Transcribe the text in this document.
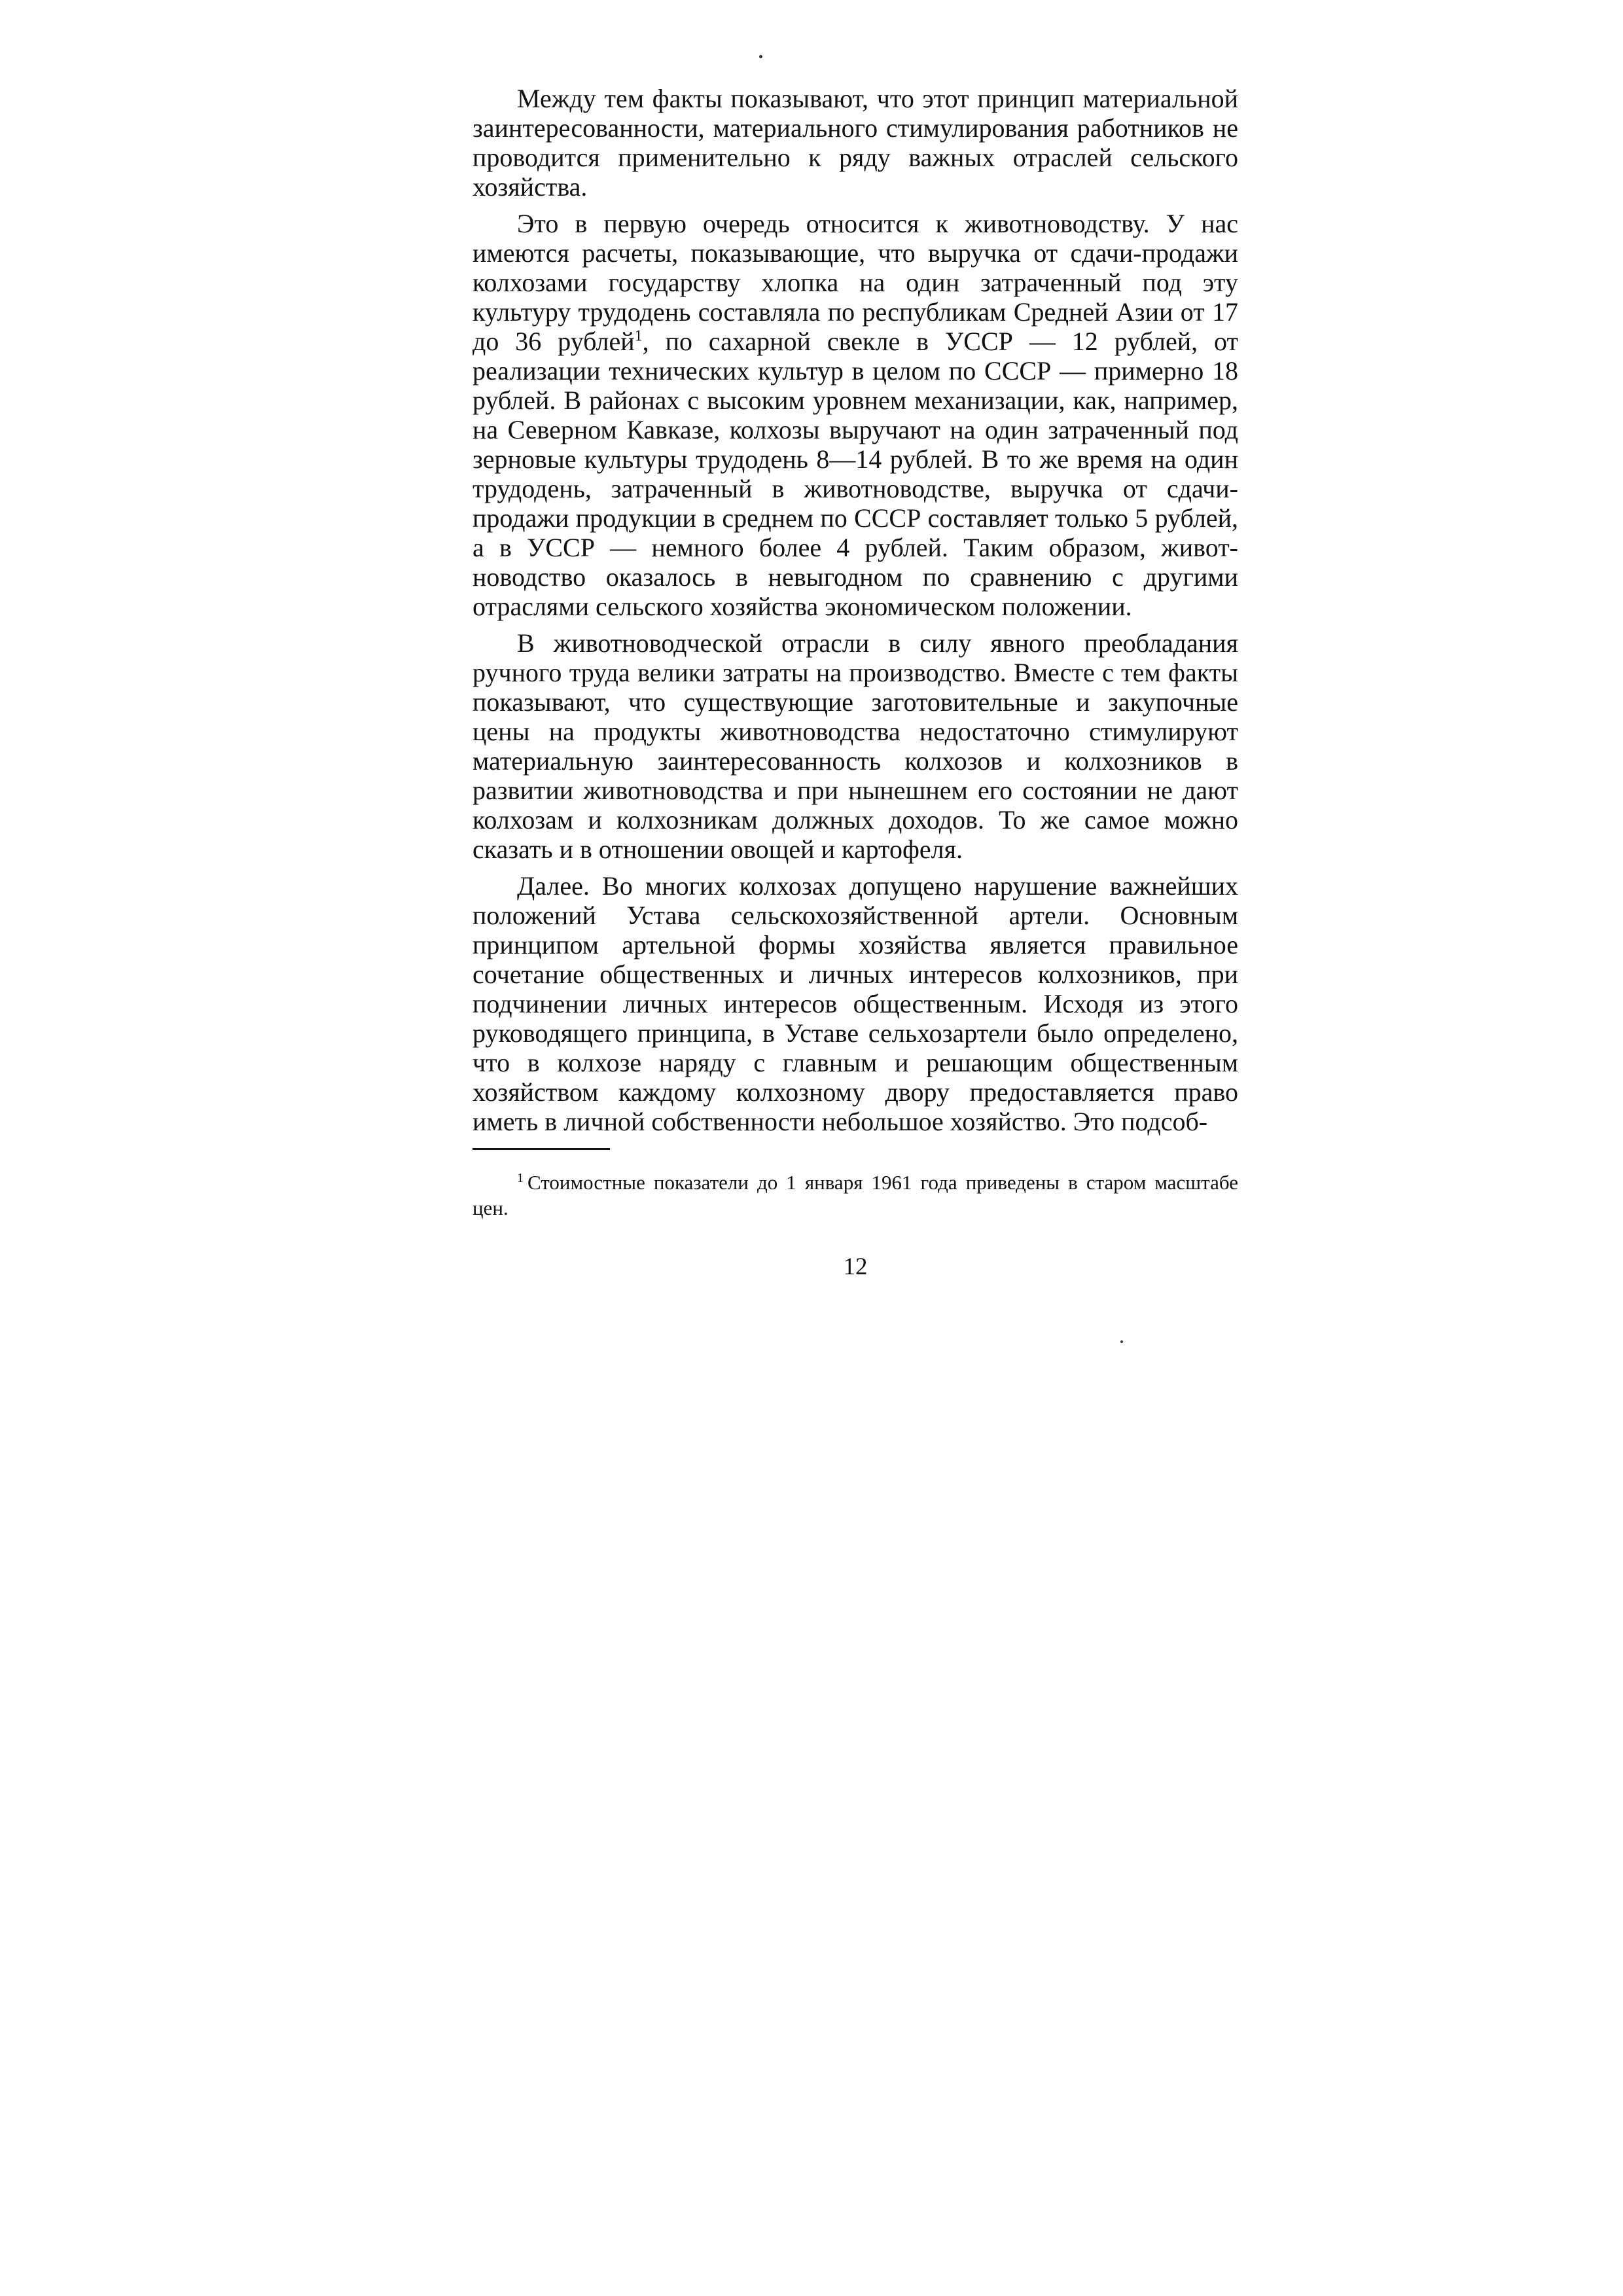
Между тем факты показывают, что этот принцип материальной заинтересованности, материального стимулирования работников не проводится применительно к ряду важных отраслей сельского хозяйства.

Это в первую очередь относится к животноводству. У нас имеются расчеты, показывающие, что выручка от сдачи-продажи колхозами государству хлопка на один затраченный под эту культуру трудодень составляла по республикам Средней Азии от 17 до 36 рублей$^1$, по сахарной свекле в УССР — 12 рублей, от реализации технических культур в целом по СССР — примерно 18 рублей. В районах с высоким уровнем механизации, как, например, на Северном Кавказе, колхозы выручают на один затраченный под зерновые культуры трудодень 8—14 рублей. В то же время на один трудодень, затраченный в животноводстве, выручка от сдачи-продажи продукции в среднем по СССР составляет только 5 рублей, а в УССР — немного более 4 рублей. Таким образом, животноводство оказалось в невыгодном по сравнению с другими отраслями сельского хозяйства экономическом положении.

В животноводческой отрасли в силу явного преобладания ручного труда велики затраты на производство. Вместе с тем факты показывают, что существующие заготовительные и закупочные цены на продукты животноводства недостаточно стимулируют материальную заинтересованность колхозов и колхозников в развитии животноводства и при нынешнем его состоянии не дают колхозам и колхозникам должных доходов. То же самое можно сказать и в отношении овощей и картофеля.

Далее. Во многих колхозах допущено нарушение важнейших положений Устава сельскохозяйственной артели. Основным принципом артельной формы хозяйства является правильное сочетание общественных и личных интересов колхозников, при подчинении личных интересов общественным. Исходя из этого руководящего принципа, в Уставе сельхозартели было определено, что в колхозе наряду с главным и решающим общественным хозяйством каждому колхозному двору предоставляется право иметь в личной собственности небольшое хозяйство. Это подсоб-

$^1$ Стоимостные показатели до 1 января 1961 года приведены в старом масштабе цен.

12
